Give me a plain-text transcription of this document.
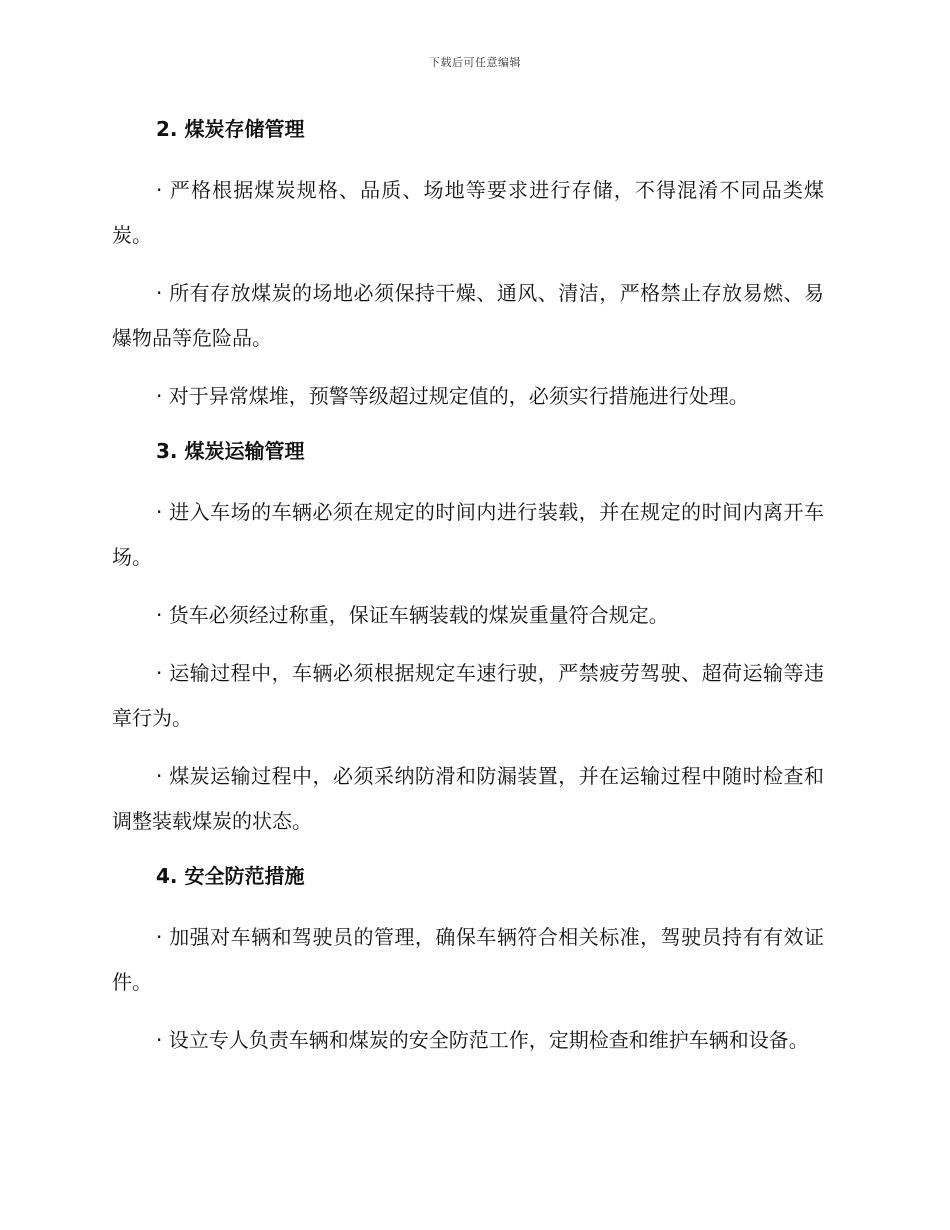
下载后可任意编辑
2. 煤炭存储管理

· 严格根据煤炭规格、品质、场地等要求进行存储，不得混淆不同品类煤炭。

· 所有存放煤炭的场地必须保持干燥、通风、清洁，严格禁止存放易燃、易爆物品等危险品。

· 对于异常煤堆，预警等级超过规定值的，必须实行措施进行处理。

3. 煤炭运输管理

· 进入车场的车辆必须在规定的时间内进行装载，并在规定的时间内离开车场。

· 货车必须经过称重，保证车辆装载的煤炭重量符合规定。

· 运输过程中，车辆必须根据规定车速行驶，严禁疲劳驾驶、超荷运输等违章行为。

· 煤炭运输过程中，必须采纳防滑和防漏装置，并在运输过程中随时检查和调整装载煤炭的状态。

4. 安全防范措施

· 加强对车辆和驾驶员的管理，确保车辆符合相关标准，驾驶员持有有效证件。

· 设立专人负责车辆和煤炭的安全防范工作，定期检查和维护车辆和设备。
